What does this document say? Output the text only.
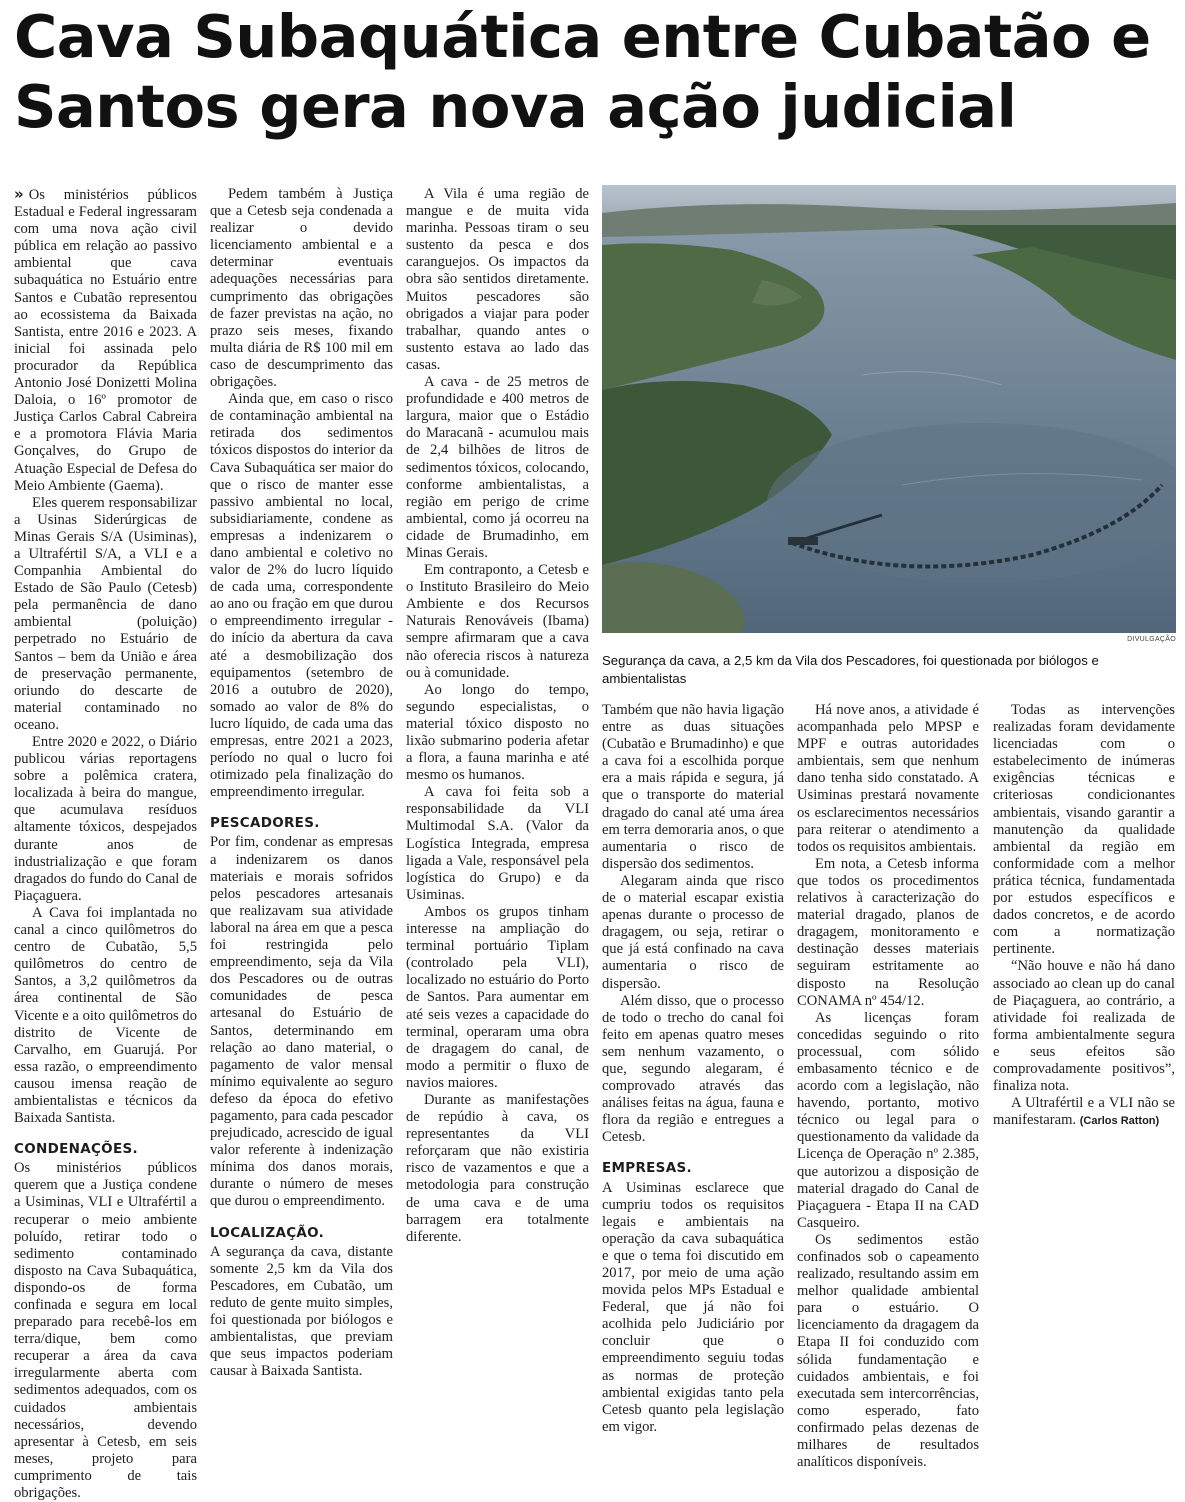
Cava Subaquática entre Cubatão e Santos gera nova ação judicial

» Os ministérios públicos Estadual e Federal ingressaram com uma nova ação civil pública em relação ao passivo ambiental que cava subaquática no Estuário entre Santos e Cubatão representou ao ecossistema da Baixada Santista, entre 2016 e 2023. A inicial foi assinada pelo procurador da República Antonio José Donizetti Molina Daloia, o 16º promotor de Justiça Carlos Cabral Cabreira e a promotora Flávia Maria Gonçalves, do Grupo de Atuação Especial de Defesa do Meio Ambiente (Gaema).

Eles querem responsabilizar a Usinas Siderúrgicas de Minas Gerais S/A (Usiminas), a Ultrafértil S/A, a VLI e a Companhia Ambiental do Estado de São Paulo (Cetesb) pela permanência de dano ambiental (poluição) perpetrado no Estuário de Santos – bem da União e área de preservação permanente, oriundo do descarte de material contaminado no oceano.

Entre 2020 e 2022, o Diário publicou várias reportagens sobre a polêmica cratera, localizada à beira do mangue, que acumulava resíduos altamente tóxicos, despejados durante anos de industrialização e que foram dragados do fundo do Canal de Piaçaguera.

A Cava foi implantada no canal a cinco quilômetros do centro de Cubatão, 5,5 quilômetros do centro de Santos, a 3,2 quilômetros da área continental de São Vicente e a oito quilômetros do distrito de Vicente de Carvalho, em Guarujá. Por essa razão, o empreendimento causou imensa reação de ambientalistas e técnicos da Baixada Santista.

CONDENAÇÕES.

Os ministérios públicos querem que a Justiça condene a Usiminas, VLI e Ultrafértil a recuperar o meio ambiente poluído, retirar todo o sedimento contaminado disposto na Cava Subaquática, dispondo-os de forma confinada e segura em local preparado para recebê-los em terra/dique, bem como recuperar a área da cava irregularmente aberta com sedimentos adequados, com os cuidados ambientais necessários, devendo apresentar à Cetesb, em seis meses, projeto para cumprimento de tais obrigações.

Pedem também à Justiça que a Cetesb seja condenada a realizar o devido licenciamento ambiental e a determinar eventuais adequações necessárias para cumprimento das obrigações de fazer previstas na ação, no prazo seis meses, fixando multa diária de R$ 100 mil em caso de descumprimento das obrigações.

Ainda que, em caso o risco de contaminação ambiental na retirada dos sedimentos tóxicos dispostos do interior da Cava Subaquática ser maior do que o risco de manter esse passivo ambiental no local, subsidiariamente, condene as empresas a indenizarem o dano ambiental e coletivo no valor de 2% do lucro líquido de cada uma, correspondente ao ano ou fração em que durou o empreendimento irregular - do início da abertura da cava até a desmobilização dos equipamentos (setembro de 2016 a outubro de 2020), somado ao valor de 8% do lucro líquido, de cada uma das empresas, entre 2021 a 2023, período no qual o lucro foi otimizado pela finalização do empreendimento irregular.

PESCADORES.

Por fim, condenar as empresas a indenizarem os danos materiais e morais sofridos pelos pescadores artesanais que realizavam sua atividade laboral na área em que a pesca foi restringida pelo empreendimento, seja da Vila dos Pescadores ou de outras comunidades de pesca artesanal do Estuário de Santos, determinando em relação ao dano material, o pagamento de valor mensal mínimo equivalente ao seguro defeso da época do efetivo pagamento, para cada pescador prejudicado, acrescido de igual valor referente à indenização mínima dos danos morais, durante o número de meses que durou o empreendimento.

LOCALIZAÇÃO.

A segurança da cava, distante somente 2,5 km da Vila dos Pescadores, em Cubatão, um reduto de gente muito simples, foi questionada por biólogos e ambientalistas, que previam que seus impactos poderiam causar à Baixada Santista.

A Vila é uma região de mangue e de muita vida marinha. Pessoas tiram o seu sustento da pesca e dos caranguejos. Os impactos da obra são sentidos diretamente. Muitos pescadores são obrigados a viajar para poder trabalhar, quando antes o sustento estava ao lado das casas.

A cava - de 25 metros de profundidade e 400 metros de largura, maior que o Estádio do Maracanã - acumulou mais de 2,4 bilhões de litros de sedimentos tóxicos, colocando, conforme ambientalistas, a região em perigo de crime ambiental, como já ocorreu na cidade de Brumadinho, em Minas Gerais.

Em contraponto, a Cetesb e o Instituto Brasileiro do Meio Ambiente e dos Recursos Naturais Renováveis (Ibama) sempre afirmaram que a cava não oferecia riscos à natureza ou à comunidade.

Ao longo do tempo, segundo especialistas, o material tóxico disposto no lixão submarino poderia afetar a flora, a fauna marinha e até mesmo os humanos.

A cava foi feita sob a responsabilidade da VLI Multimodal S.A. (Valor da Logística Integrada, empresa ligada a Vale, responsável pela logística do Grupo) e da Usiminas.

Ambos os grupos tinham interesse na ampliação do terminal portuário Tiplam (controlado pela VLI), localizado no estuário do Porto de Santos. Para aumentar em até seis vezes a capacidade do terminal, operaram uma obra de dragagem do canal, de modo a permitir o fluxo de navios maiores.

Durante as manifestações de repúdio à cava, os representantes da VLI reforçaram que não existiria risco de vazamentos e que a metodologia para construção de uma cava e de uma barragem era totalmente diferente.

DIVULGAÇÃO
Segurança da cava, a 2,5 km da Vila dos Pescadores, foi questionada por biólogos e ambientalistas

Também que não havia ligação entre as duas situações (Cubatão e Brumadinho) e que a cava foi a escolhida porque era a mais rápida e segura, já que o transporte do material dragado do canal até uma área em terra demoraria anos, o que aumentaria o risco de dispersão dos sedimentos.

Alegaram ainda que risco de o material escapar existia apenas durante o processo de dragagem, ou seja, retirar o que já está confinado na cava aumentaria o risco de dispersão.

Além disso, que o processo de todo o trecho do canal foi feito em apenas quatro meses sem nenhum vazamento, o que, segundo alegaram, é comprovado através das análises feitas na água, fauna e flora da região e entregues a Cetesb.

EMPRESAS.

A Usiminas esclarece que cumpriu todos os requisitos legais e ambientais na operação da cava subaquática e que o tema foi discutido em 2017, por meio de uma ação movida pelos MPs Estadual e Federal, que já não foi acolhida pelo Judiciário por concluir que o empreendimento seguiu todas as normas de proteção ambiental exigidas tanto pela Cetesb quanto pela legislação em vigor.

Há nove anos, a atividade é acompanhada pelo MPSP e MPF e outras autoridades ambientais, sem que nenhum dano tenha sido constatado. A Usiminas prestará novamente os esclarecimentos necessários para reiterar o atendimento a todos os requisitos ambientais.

Em nota, a Cetesb informa que todos os procedimentos relativos à caracterização do material dragado, planos de dragagem, monitoramento e destinação desses materiais seguiram estritamente ao disposto na Resolução CONAMA nº 454/12.

As licenças foram concedidas seguindo o rito processual, com sólido embasamento técnico e de acordo com a legislação, não havendo, portanto, motivo técnico ou legal para o questionamento da validade da Licença de Operação nº 2.385, que autorizou a disposição de material dragado do Canal de Piaçaguera - Etapa II na CAD Casqueiro.

Os sedimentos estão confinados sob o capeamento realizado, resultando assim em melhor qualidade ambiental para o estuário. O licenciamento da dragagem da Etapa II foi conduzido com sólida fundamentação e cuidados ambientais, e foi executada sem intercorrências, como esperado, fato confirmado pelas dezenas de milhares de resultados analíticos disponíveis.

Todas as intervenções realizadas foram devidamente licenciadas com o estabelecimento de inúmeras exigências técnicas e criteriosas condicionantes ambientais, visando garantir a manutenção da qualidade ambiental da região em conformidade com a melhor prática técnica, fundamentada por estudos específicos e dados concretos, e de acordo com a normatização pertinente.

“Não houve e não há dano associado ao clean up do canal de Piaçaguera, ao contrário, a atividade foi realizada de forma ambientalmente segura e seus efeitos são comprovadamente positivos”, finaliza nota.

A Ultrafértil e a VLI não se manifestaram. (Carlos Ratton)
